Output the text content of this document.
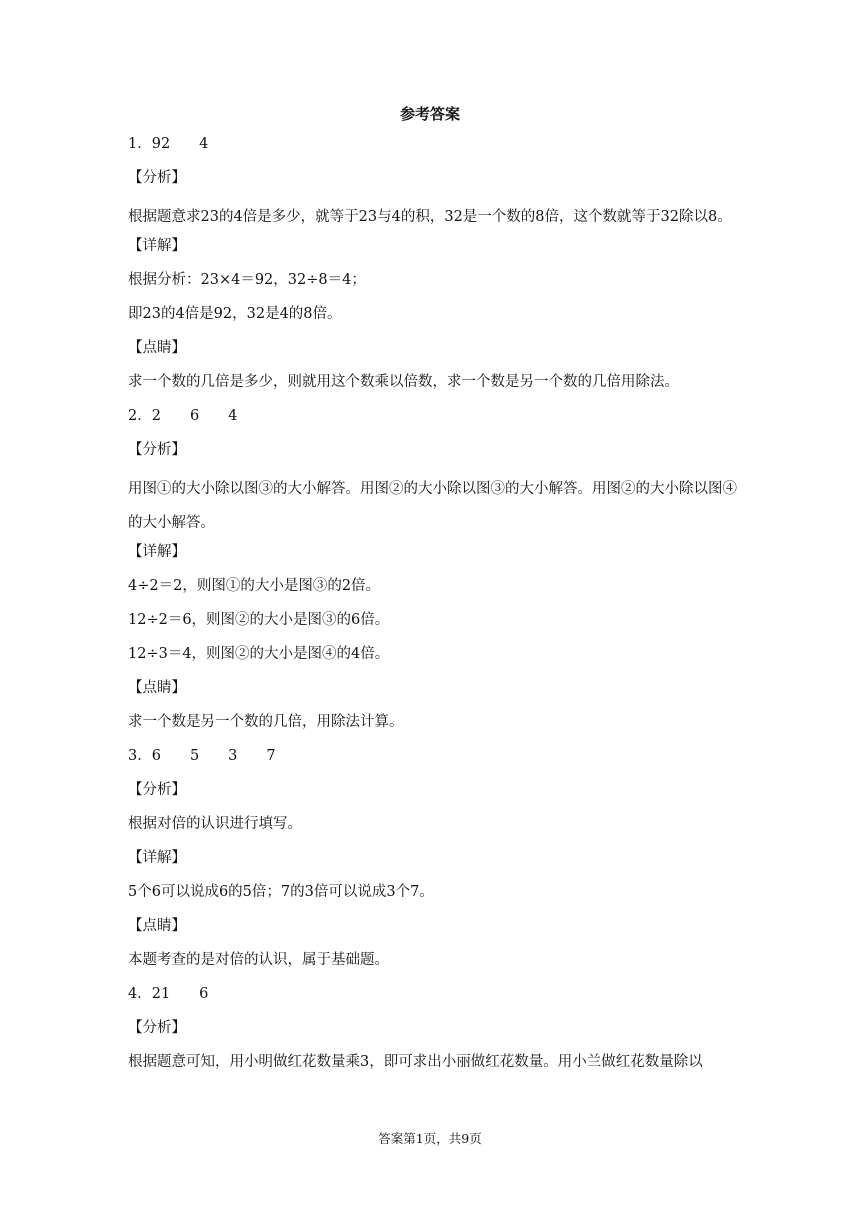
参考答案
1．92　　4
【分析】
根据题意求23的4倍是多少，就等于23与4的积，32是一个数的8倍，这个数就等于32除以8。
【详解】
根据分析：23×4＝92，32÷8＝4；
即23的4倍是92，32是4的8倍。
【点睛】
求一个数的几倍是多少，则就用这个数乘以倍数，求一个数是另一个数的几倍用除法。
2．2　　6　　4
【分析】
用图①的大小除以图③的大小解答。用图②的大小除以图③的大小解答。用图②的大小除以图④的大小解答。
【详解】
4÷2＝2，则图①的大小是图③的2倍。
12÷2＝6，则图②的大小是图③的6倍。
12÷3＝4，则图②的大小是图④的4倍。
【点睛】
求一个数是另一个数的几倍，用除法计算。
3．6　　5　　3　　7
【分析】
根据对倍的认识进行填写。
【详解】
5个6可以说成6的5倍；7的3倍可以说成3个7。
【点睛】
本题考查的是对倍的认识，属于基础题。
4．21　　6
【分析】
根据题意可知，用小明做红花数量乘3，即可求出小丽做红花数量。用小兰做红花数量除以
答案第1页，共9页
